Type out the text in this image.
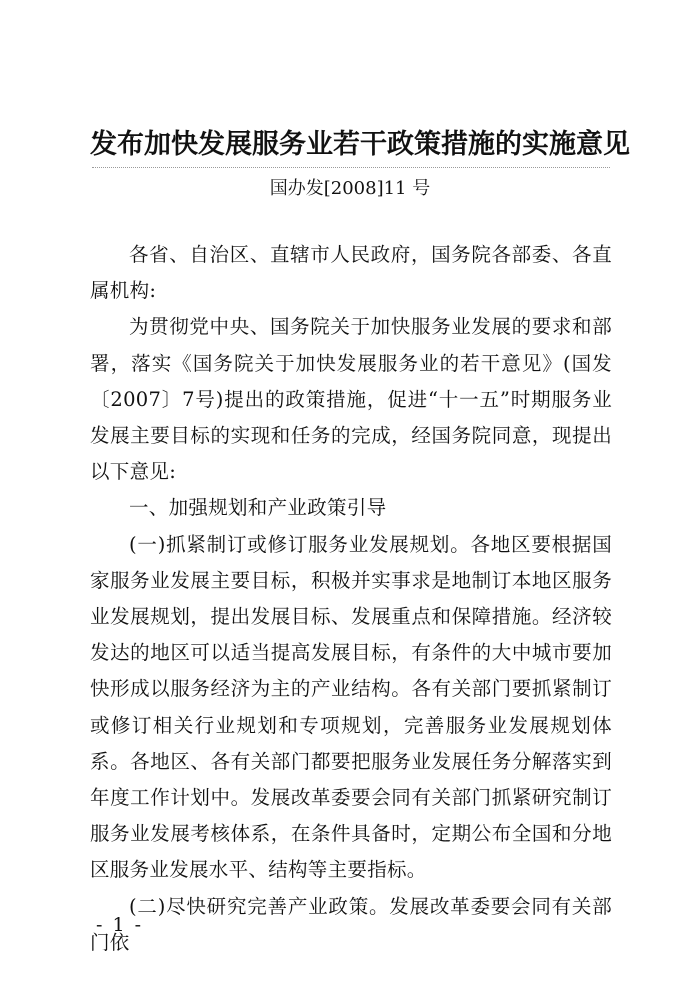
发布加快发展服务业若干政策措施的实施意见
国办发[2008]11 号

各省、自治区、直辖市人民政府，国务院各部委、各直属机构:

为贯彻党中央、国务院关于加快服务业发展的要求和部署，落实《国务院关于加快发展服务业的若干意见》(国发〔2007〕7号)提出的政策措施，促进“十一五”时期服务业发展主要目标的实现和任务的完成，经国务院同意，现提出以下意见:

一、加强规划和产业政策引导

(一)抓紧制订或修订服务业发展规划。各地区要根据国家服务业发展主要目标，积极并实事求是地制订本地区服务业发展规划，提出发展目标、发展重点和保障措施。经济较发达的地区可以适当提高发展目标，有条件的大中城市要加快形成以服务经济为主的产业结构。各有关部门要抓紧制订或修订相关行业规划和专项规划，完善服务业发展规划体系。各地区、各有关部门都要把服务业发展任务分解落实到年度工作计划中。发展改革委要会同有关部门抓紧研究制订服务业发展考核体系，在条件具备时，定期公布全国和分地区服务业发展水平、结构等主要指标。

(二)尽快研究完善产业政策。发展改革委要会同有关部门依

- 1 -
